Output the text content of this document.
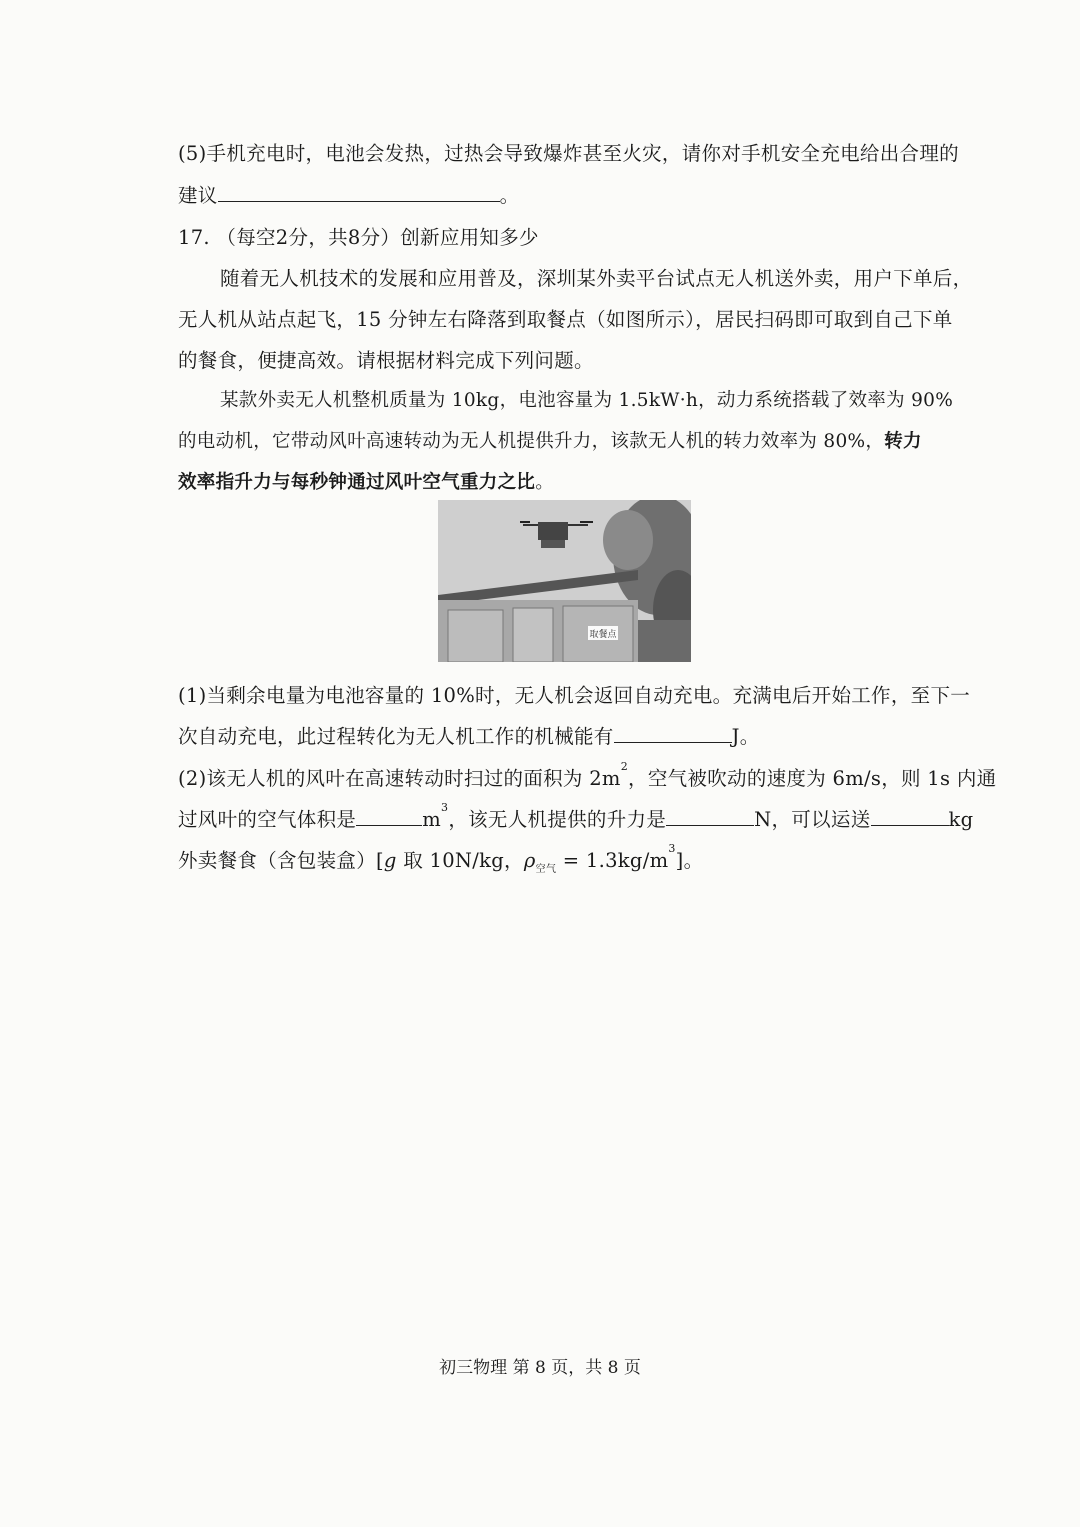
(5)手机充电时，电池会发热，过热会导致爆炸甚至火灾，请你对手机安全充电给出合理的
建议	。
17. （每空2分，共8分）创新应用知多少
随着无人机技术的发展和应用普及，深圳某外卖平台试点无人机送外卖，用户下单后，
无人机从站点起飞，15 分钟左右降落到取餐点（如图所示），居民扫码即可取到自己下单
的餐食，便捷高效。请根据材料完成下列问题。
某款外卖无人机整机质量为 10kg，电池容量为 1.5kW·h，动力系统搭载了效率为 90%
的电动机，它带动风叶高速转动为无人机提供升力，该款无人机的转力效率为 80%，转力
效率指升力与每秒钟通过风叶空气重力之比。
取餐点
(1)当剩余电量为电池容量的 10%时，无人机会返回自动充电。充满电后开始工作，至下一
次自动充电，此过程转化为无人机工作的机械能有	J。
(2)该无人机的风叶在高速转动时扫过的面积为 $2m^2$，空气被吹动的速度为 6m/s，则 1s 内通
过风叶的空气体积是	$m^3$，该无人机提供的升力是	N，可以运送	kg
外卖餐食（含包装盒）[g 取 10N/kg，$\rho_{空气} = 1.3kg/m^3$]。
初三物理 第 8 页，共 8 页
